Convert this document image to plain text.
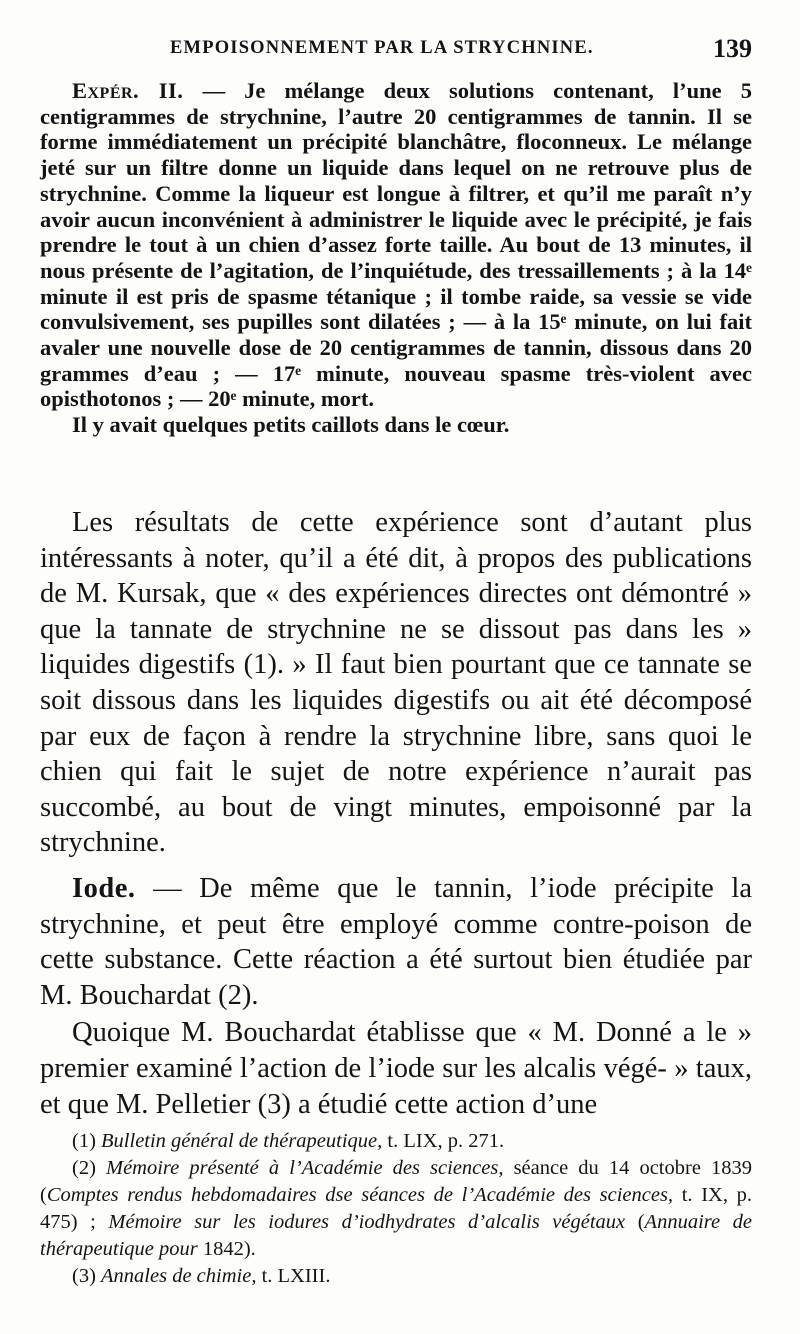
EMPOISONNEMENT PAR LA STRYCHNINE.	139

Expér. II. — Je mélange deux solutions contenant, l’une 5 centigrammes de strychnine, l’autre 20 centigrammes de tannin. Il se forme immédiatement un précipité blanchâtre, floconneux. Le mélange jeté sur un filtre donne un liquide dans lequel on ne retrouve plus de strychnine. Comme la liqueur est longue à filtrer, et qu’il me paraît n’y avoir aucun inconvénient à administrer le liquide avec le précipité, je fais prendre le tout à un chien d’assez forte taille. Au bout de 13 minutes, il nous présente de l’agitation, de l’inquiétude, des tressaillements ; à la 14ᵉ minute il est pris de spasme tétanique ; il tombe raide, sa vessie se vide convulsivement, ses pupilles sont dilatées ; — à la 15ᵉ minute, on lui fait avaler une nouvelle dose de 20 centigrammes de tannin, dissous dans 20 grammes d’eau ; — 17ᵉ minute, nouveau spasme très-violent avec opisthotonos ; — 20ᵉ minute, mort.

Il y avait quelques petits caillots dans le cœur.

Les résultats de cette expérience sont d’autant plus intéressants à noter, qu’il a été dit, à propos des publications de M. Kursak, que « des expériences directes ont démontré » que la tannate de strychnine ne se dissout pas dans les » liquides digestifs (1). » Il faut bien pourtant que ce tannate se soit dissous dans les liquides digestifs ou ait été décomposé par eux de façon à rendre la strychnine libre, sans quoi le chien qui fait le sujet de notre expérience n’aurait pas succombé, au bout de vingt minutes, empoisonné par la strychnine.

Iode. — De même que le tannin, l’iode précipite la strychnine, et peut être employé comme contre-poison de cette substance. Cette réaction a été surtout bien étudiée par M. Bouchardat (2).

Quoique M. Bouchardat établisse que « M. Donné a le » premier examiné l’action de l’iode sur les alcalis végé- » taux, et que M. Pelletier (3) a étudié cette action d’une

(1) Bulletin général de thérapeutique, t. LIX, p. 271.

(2) Mémoire présenté à l’Académie des sciences, séance du 14 octobre 1839 (Comptes rendus hebdomadaires dse séances de l’Académie des sciences, t. IX, p. 475) ; Mémoire sur les iodures d’iodhydrates d’alcalis végétaux (Annuaire de thérapeutique pour 1842).

(3) Annales de chimie, t. LXIII.
